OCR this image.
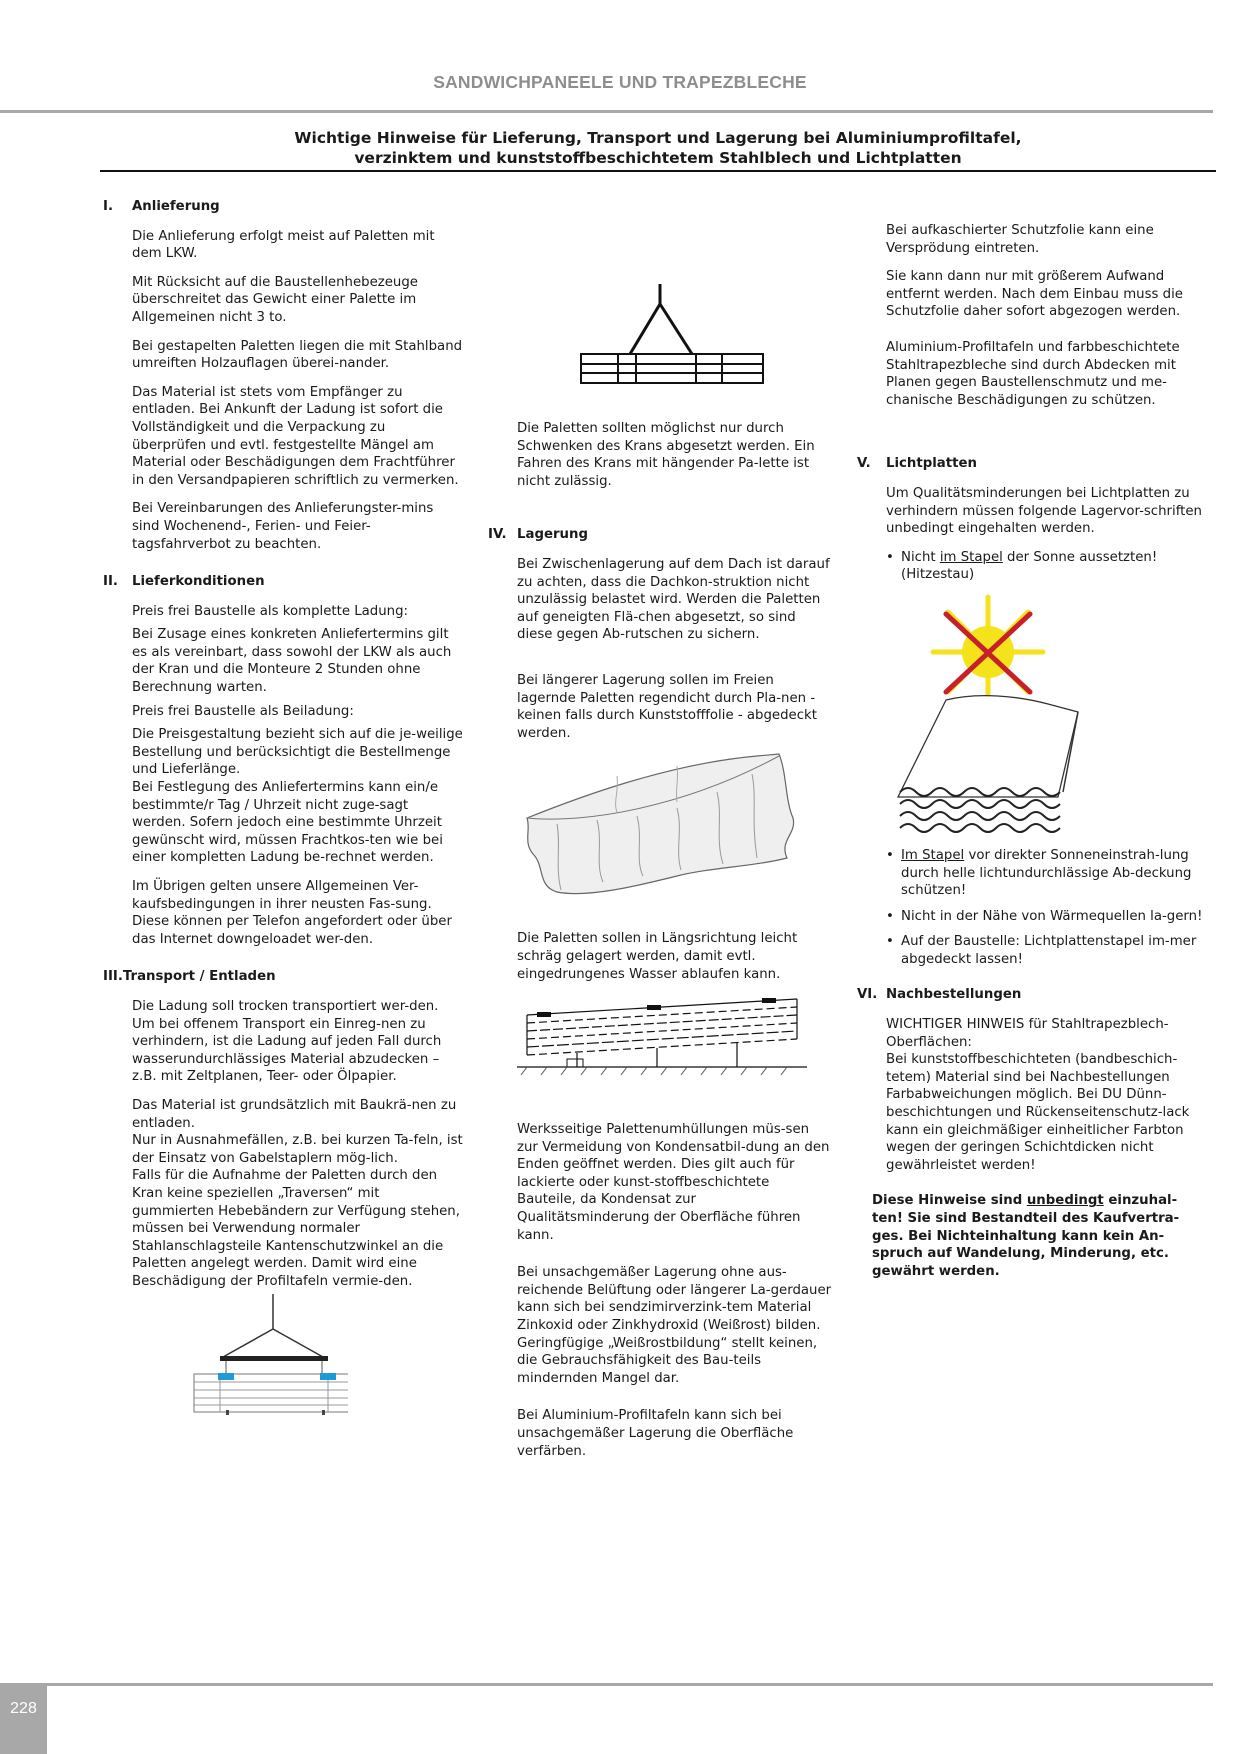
SANDWICHPANEELE UND TRAPEZBLECHE
Wichtige Hinweise für Lieferung, Transport und Lagerung bei Aluminiumprofiltafel,
verzinktem und kunststoffbeschichtetem Stahlblech und Lichtplatten
I. Anlieferung

Die Anlieferung erfolgt meist auf Paletten mit dem LKW.

Mit Rücksicht auf die Baustellenhebezeuge überschreitet das Gewicht einer Palette im Allgemeinen nicht 3 to.

Bei gestapelten Paletten liegen die mit Stahlband umreiften Holzauflagen überei-nander.

Das Material ist stets vom Empfänger zu entladen. Bei Ankunft der Ladung ist sofort die Vollständigkeit und die Verpackung zu überprüfen und evtl. festgestellte Mängel am Material oder Beschädigungen dem Frachtführer in den Versandpapieren schriftlich zu vermerken.

Bei Vereinbarungen des Anlieferungster-mins sind Wochenend-, Ferien- und Feier-tagsfahrverbot zu beachten.

II. Lieferkonditionen

Preis frei Baustelle als komplette Ladung:

Bei Zusage eines konkreten Anliefertermins gilt es als vereinbart, dass sowohl der LKW als auch der Kran und die Monteure 2 Stunden ohne Berechnung warten.

Preis frei Baustelle als Beiladung:

Die Preisgestaltung bezieht sich auf die je-weilige Bestellung und berücksichtigt die Bestellmenge und Lieferlänge.

Bei Festlegung des Anliefertermins kann ein/e bestimmte/r Tag / Uhrzeit nicht zuge-sagt werden. Sofern jedoch eine bestimmte Uhrzeit gewünscht wird, müssen Frachtkos-ten wie bei einer kompletten Ladung be-rechnet werden.

Im Übrigen gelten unsere Allgemeinen Ver-kaufsbedingungen in ihrer neusten Fas-sung. Diese können per Telefon angefordert oder über das Internet downgeloadet wer-den.

III.Transport / Entladen

Die Ladung soll trocken transportiert wer-den. Um bei offenem Transport ein Einreg-nen zu verhindern, ist die Ladung auf jeden Fall durch wasserundurchlässiges Material abzudecken – z.B. mit Zeltplanen, Teer- oder Ölpapier.

Das Material ist grundsätzlich mit Baukrä-nen zu entladen.

Nur in Ausnahmefällen, z.B. bei kurzen Ta-feln, ist der Einsatz von Gabelstaplern mög-lich.

Falls für die Aufnahme der Paletten durch den Kran keine speziellen „Traversen“ mit gummierten Hebebändern zur Verfügung stehen, müssen bei Verwendung normaler Stahlanschlagsteile Kantenschutzwinkel an die Paletten angelegt werden. Damit wird eine Beschädigung der Profiltafeln vermie-den.

Die Paletten sollten möglichst nur durch Schwenken des Krans abgesetzt werden. Ein Fahren des Krans mit hängender Pa-lette ist nicht zulässig.

IV. Lagerung

Bei Zwischenlagerung auf dem Dach ist darauf zu achten, dass die Dachkon-struktion nicht unzulässig belastet wird. Werden die Paletten auf geneigten Flä-chen abgesetzt, so sind diese gegen Ab-rutschen zu sichern.

Bei längerer Lagerung sollen im Freien lagernde Paletten regendicht durch Pla-nen - keinen falls durch Kunststofffolie - abgedeckt werden.

Die Paletten sollen in Längsrichtung leicht schräg gelagert werden, damit evtl. eingedrungenes Wasser ablaufen kann.

Werksseitige Palettenumhüllungen müs-sen zur Vermeidung von Kondensatbil-dung an den Enden geöffnet werden. Dies gilt auch für lackierte oder kunst-stoffbeschichtete Bauteile, da Kondensat zur Qualitätsminderung der Oberfläche führen kann.

Bei unsachgemäßer Lagerung ohne aus-reichende Belüftung oder längerer La-gerdauer kann sich bei sendzimirverzink-tem Material Zinkoxid oder Zinkhydroxid (Weißrost) bilden.

Geringfügige „Weißrostbildung“ stellt keinen, die Gebrauchsfähigkeit des Bau-teils mindernden Mangel dar.

Bei Aluminium-Profiltafeln kann sich bei unsachgemäßer Lagerung die Oberfläche verfärben.

Bei aufkaschierter Schutzfolie kann eine Versprödung eintreten.

Sie kann dann nur mit größerem Aufwand entfernt werden. Nach dem Einbau muss die Schutzfolie daher sofort abgezogen werden.

Aluminium-Profiltafeln und farbbeschichtete Stahltrapezbleche sind durch Abdecken mit Planen gegen Baustellenschmutz und me-chanische Beschädigungen zu schützen.

V. Lichtplatten

Um Qualitätsminderungen bei Lichtplatten zu verhindern müssen folgende Lagervor-schriften unbedingt eingehalten werden.

• Nicht im Stapel der Sonne aussetzten! (Hitzestau)
• Im Stapel vor direkter Sonneneinstrah-lung durch helle lichtundurchlässige Ab-deckung schützen!
• Nicht in der Nähe von Wärmequellen la-gern!
• Auf der Baustelle: Lichtplattenstapel im-mer abgedeckt lassen!
VI. Nachbestellungen

WICHTIGER HINWEIS für Stahltrapezblech-Oberflächen:

Bei kunststoffbeschichteten (bandbeschich-tetem) Material sind bei Nachbestellungen Farbabweichungen möglich. Bei DU Dünn-beschichtungen und Rückenseitenschutz-lack kann ein gleichmäßiger einheitlicher Farbton wegen der geringen Schichtdicken nicht gewährleistet werden!

Diese Hinweise sind unbedingt einzuhal-ten! Sie sind Bestandteil des Kaufvertra-ges. Bei Nichteinhaltung kann kein An-spruch auf Wandelung, Minderung, etc. gewährt werden.
228
